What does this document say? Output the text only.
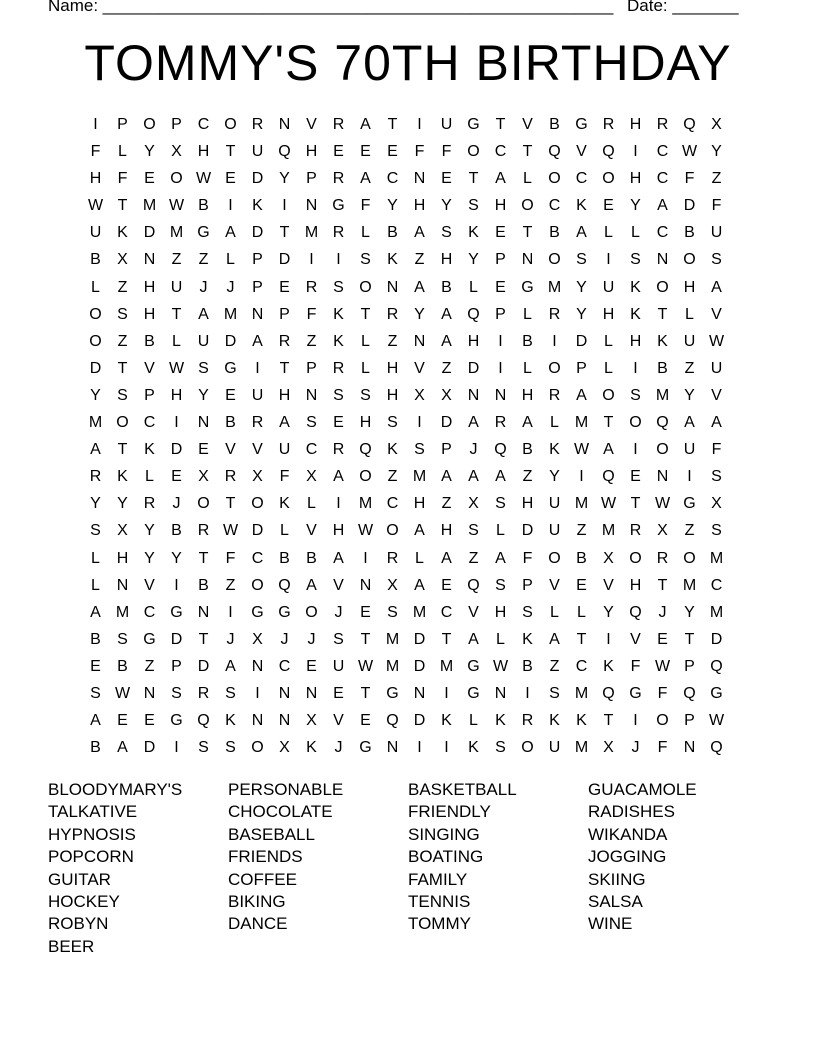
Name: ______________________________________________________ Date: _______
TOMMY'S 70TH BIRTHDAY
I	P O P C O R N V R A	T	I	U G T	V	B G R H R Q X
F	L	Y	X H	T	U Q H E	E	E	F	F O C	T Q V Q	I	C W Y
H	F	E O W E D Y	P R A C N E	T	A	L	O C O H C	F	Z
W T M W B	I	K	I	N G F	Y H Y	S H O C K	E	Y	A D	F
U K D M G A D	T M R	L	B	A	S	K	E	T	B	A	L	L	C B U
B	X N	Z	Z	L	P D	I	I	S	K	Z	H Y	P N O S	I	S N O S
L	Z	H U	J	J	P	E R S O N A	B	L	E G M Y U K O H A
O S H	T	A M N P	F	K	T	R Y	A Q P	L	R Y H K	T	L	V
O Z	B	L	U D A R	Z	K	L	Z	N A H	I	B	I	D	L	H K U W
D	T	V W S G	I	T	P R	L	H V	Z	D	I	L	O P	L	I	B	Z	U
Y	S	P H Y	E U H N S	S H X	X N N H R A O S M Y	V
M O C	I	N B R A	S	E H S	I	D A R A	L M T O Q A	A
A	T	K D E	V	V U C R Q K	S	P	J	Q B	K W A	I	O U	F
R K	L	E	X R X	F	X	A O Z M A	A	A	Z	Y	I	Q E N	I	S
Y	Y R	J	O T O K	L	I	M C H	Z	X	S H U M W T W G X
S	X	Y	B R W D	L	V H W O A H S	L	D U	Z M R X	Z	S
L	H Y	Y	T	F	C B	B	A	I	R	L	A	Z	A	F O B	X O R O M
L	N V	I	B	Z O Q A	V N X	A	E Q S	P	V	E	V H	T M C
A M C G N	I	G G O	J	E	S M C V H S	L	L	Y Q	J	Y M
B	S G D	T	J	X	J	J	S	T M D	T	A	L	K	A	T	I	V	E	T	D
E	B	Z	P D A N C E U W M D M G W B	Z	C K	F W P Q
S W N S R S	I	N N E	T G N	I	G N	I	S M Q G F Q G
A	E	E G Q K N N X	V	E Q D K	L	K R K	K	T	I	O P W
B	A D	I	S	S O X	K	J	G N	I	I	K	S O U M X	J	F	N Q
BLOODYMARY'S
TALKATIVE
HYPNOSIS
POPCORN
GUITAR
HOCKEY
ROBYN
BEER
PERSONABLE
CHOCOLATE
BASEBALL
FRIENDS
COFFEE
BIKING
DANCE
BASKETBALL
FRIENDLY
SINGING
BOATING
FAMILY
TENNIS
TOMMY
GUACAMOLE
RADISHES
WIKANDA
JOGGING
SKIING
SALSA
WINE
